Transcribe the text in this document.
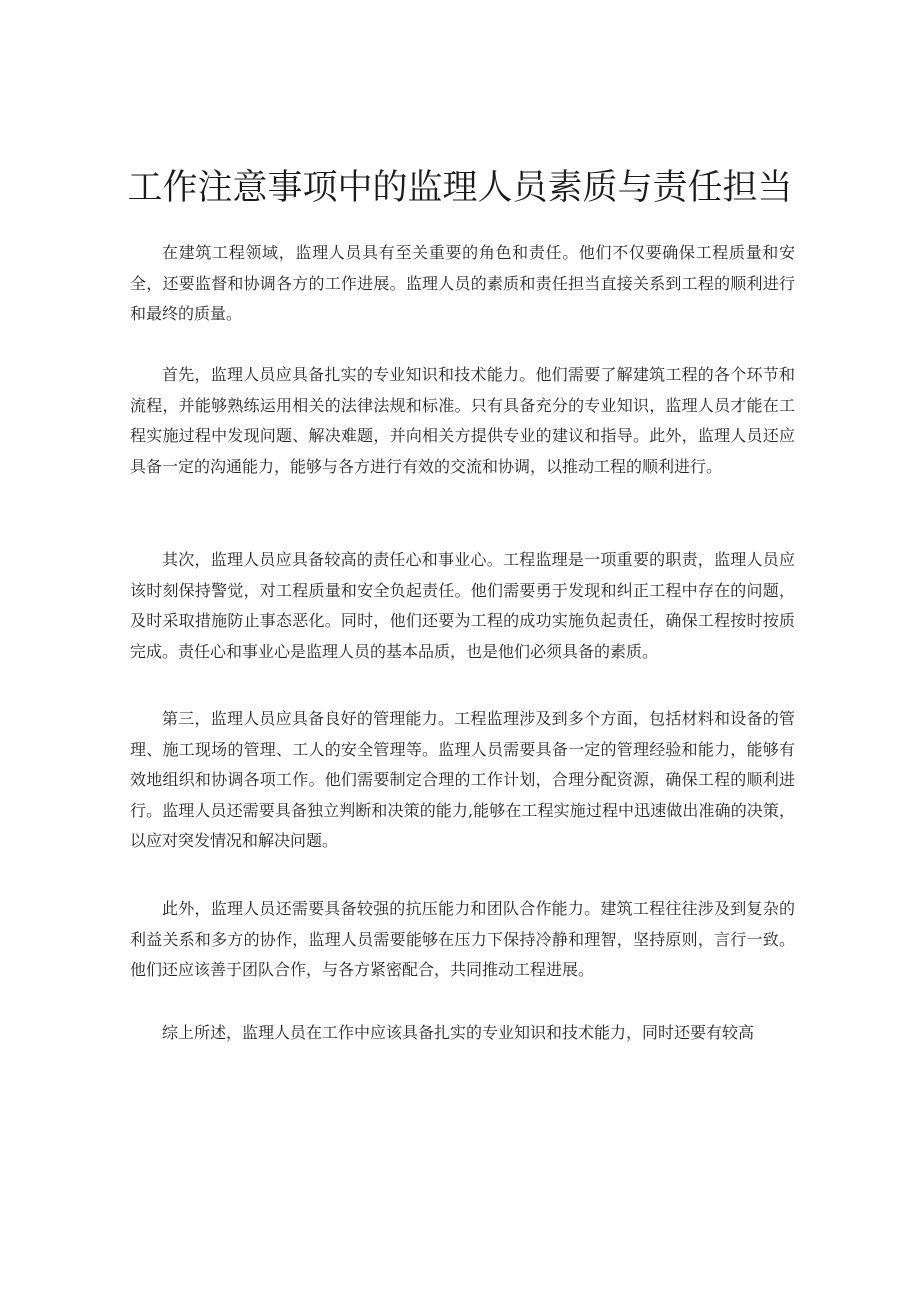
工作注意事项中的监理人员素质与责任担当

在建筑工程领域，监理人员具有至关重要的角色和责任。他们不仅要确保工程质量和安全，还要监督和协调各方的工作进展。监理人员的素质和责任担当直接关系到工程的顺利进行和最终的质量。

首先，监理人员应具备扎实的专业知识和技术能力。他们需要了解建筑工程的各个环节和流程，并能够熟练运用相关的法律法规和标准。只有具备充分的专业知识，监理人员才能在工程实施过程中发现问题、解决难题，并向相关方提供专业的建议和指导。此外，监理人员还应具备一定的沟通能力，能够与各方进行有效的交流和协调，以推动工程的顺利进行。

其次，监理人员应具备较高的责任心和事业心。工程监理是一项重要的职责，监理人员应该时刻保持警觉，对工程质量和安全负起责任。他们需要勇于发现和纠正工程中存在的问题，及时采取措施防止事态恶化。同时，他们还要为工程的成功实施负起责任，确保工程按时按质完成。责任心和事业心是监理人员的基本品质，也是他们必须具备的素质。

第三，监理人员应具备良好的管理能力。工程监理涉及到多个方面，包括材料和设备的管理、施工现场的管理、工人的安全管理等。监理人员需要具备一定的管理经验和能力，能够有效地组织和协调各项工作。他们需要制定合理的工作计划，合理分配资源，确保工程的顺利进行。监理人员还需要具备独立判断和决策的能力,能够在工程实施过程中迅速做出准确的决策，以应对突发情况和解决问题。

此外，监理人员还需要具备较强的抗压能力和团队合作能力。建筑工程往往涉及到复杂的利益关系和多方的协作，监理人员需要能够在压力下保持冷静和理智，坚持原则，言行一致。他们还应该善于团队合作，与各方紧密配合，共同推动工程进展。

综上所述，监理人员在工作中应该具备扎实的专业知识和技术能力，同时还要有较高
